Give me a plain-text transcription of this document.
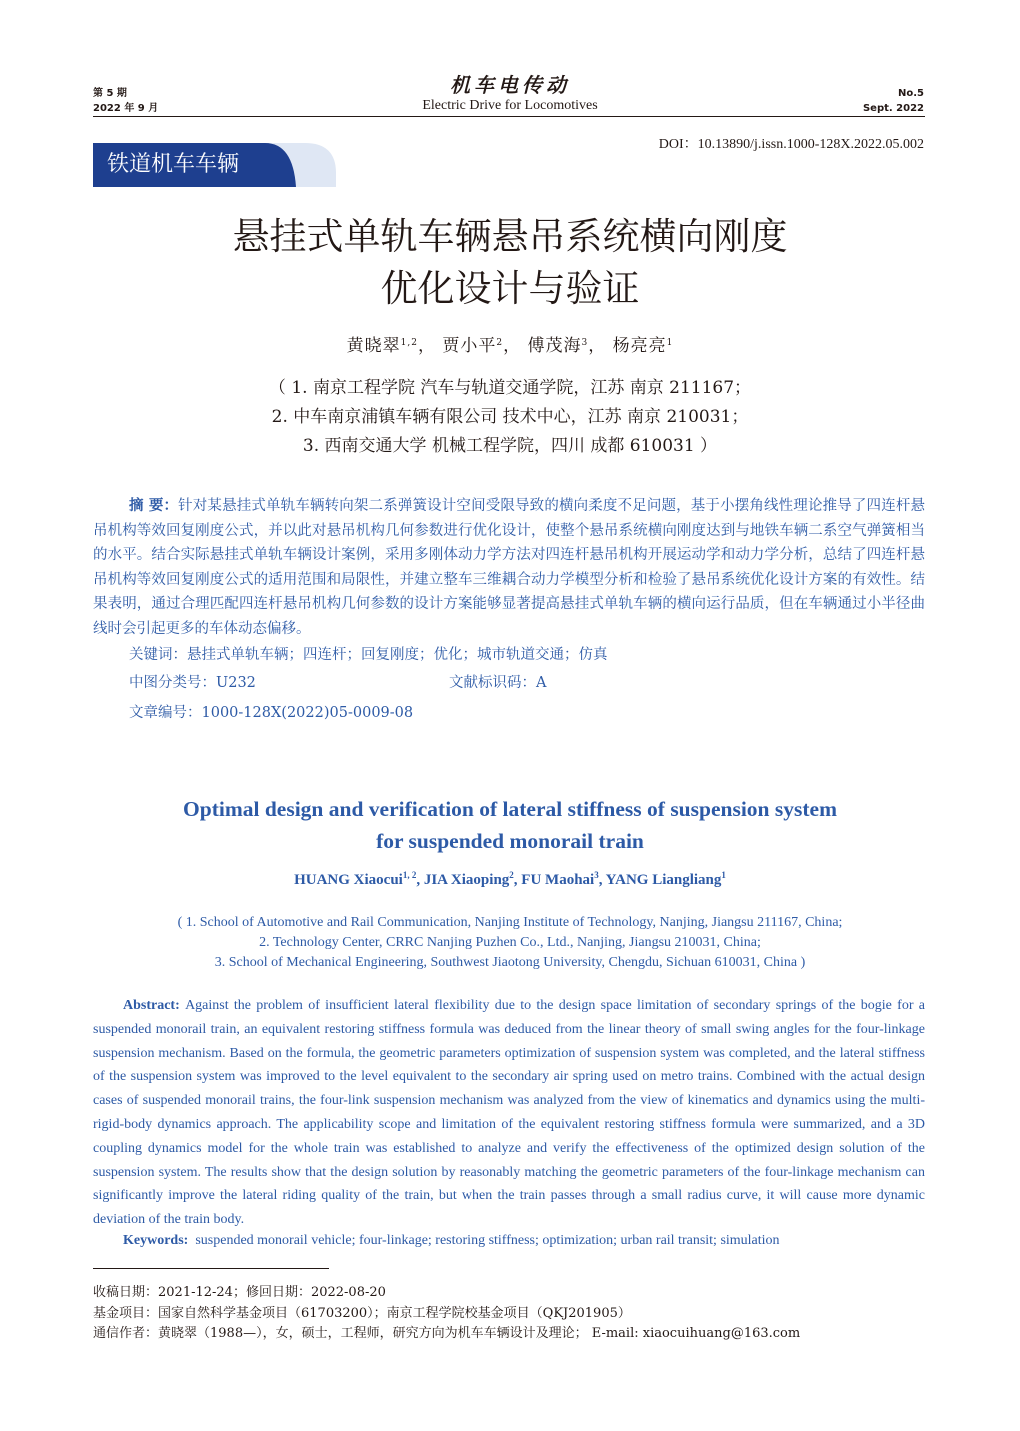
第 5 期
2022 年 9 月
机车电传动
Electric Drive for Locomotives
No.5
Sept. 2022
DOI：10.13890/j.issn.1000-128X.2022.05.002
铁道机车车辆
悬挂式单轨车辆悬吊系统横向刚度
优化设计与验证
黄晓翠$^{1,2}$， 贾小平$^2$， 傅茂海$^3$， 杨亮亮$^1$
（ 1. 南京工程学院 汽车与轨道交通学院，江苏 南京 211167；
2. 中车南京浦镇车辆有限公司 技术中心，江苏 南京 210031；
3. 西南交通大学 机械工程学院，四川 成都 610031 ）
摘 要：针对某悬挂式单轨车辆转向架二系弹簧设计空间受限导致的横向柔度不足问题，基于小摆角线性理论推导了四连杆悬吊机构等效回复刚度公式，并以此对悬吊机构几何参数进行优化设计，使整个悬吊系统横向刚度达到与地铁车辆二系空气弹簧相当的水平。结合实际悬挂式单轨车辆设计案例，采用多刚体动力学方法对四连杆悬吊机构开展运动学和动力学分析，总结了四连杆悬吊机构等效回复刚度公式的适用范围和局限性，并建立整车三维耦合动力学模型分析和检验了悬吊系统优化设计方案的有效性。结果表明，通过合理匹配四连杆悬吊机构几何参数的设计方案能够显著提高悬挂式单轨车辆的横向运行品质，但在车辆通过小半径曲线时会引起更多的车体动态偏移。
关键词：悬挂式单轨车辆；四连杆；回复刚度；优化；城市轨道交通；仿真
中图分类号：U232	文献标识码：A
文章编号：1000-128X(2022)05-0009-08
Optimal design and verification of lateral stiffness of suspension system
for suspended monorail train
HUANG Xiaocui$^{1, 2}$, JIA Xiaoping$^2$, FU Maohai$^3$, YANG Liangliang$^1$
( 1. School of Automotive and Rail Communication, Nanjing Institute of Technology, Nanjing, Jiangsu 211167, China;
2. Technology Center, CRRC Nanjing Puzhen Co., Ltd., Nanjing, Jiangsu 210031, China;
3. School of Mechanical Engineering, Southwest Jiaotong University, Chengdu, Sichuan 610031, China )
Abstract: Against the problem of insufficient lateral flexibility due to the design space limitation of secondary springs of the bogie for a suspended monorail train, an equivalent restoring stiffness formula was deduced from the linear theory of small swing angles for the four-linkage suspension mechanism. Based on the formula, the geometric parameters optimization of suspension system was completed, and the lateral stiffness of the suspension system was improved to the level equivalent to the secondary air spring used on metro trains. Combined with the actual design cases of suspended monorail trains, the four-link suspension mechanism was analyzed from the view of kinematics and dynamics using the multi-rigid-body dynamics approach. The applicability scope and limitation of the equivalent restoring stiffness formula were summarized, and a 3D coupling dynamics model for the whole train was established to analyze and verify the effectiveness of the optimized design solution of the suspension system. The results show that the design solution by reasonably matching the geometric parameters of the four-linkage mechanism can significantly improve the lateral riding quality of the train, but when the train passes through a small radius curve, it will cause more dynamic deviation of the train body.
Keywords: suspended monorail vehicle; four-linkage; restoring stiffness; optimization; urban rail transit; simulation
收稿日期：2021-12-24；修回日期：2022-08-20
基金项目：国家自然科学基金项目（61703200）；南京工程学院校基金项目（QKJ201905）
通信作者：黄晓翠（1988—），女，硕士，工程师，研究方向为机车车辆设计及理论； E-mail: xiaocuihuang@163.com
